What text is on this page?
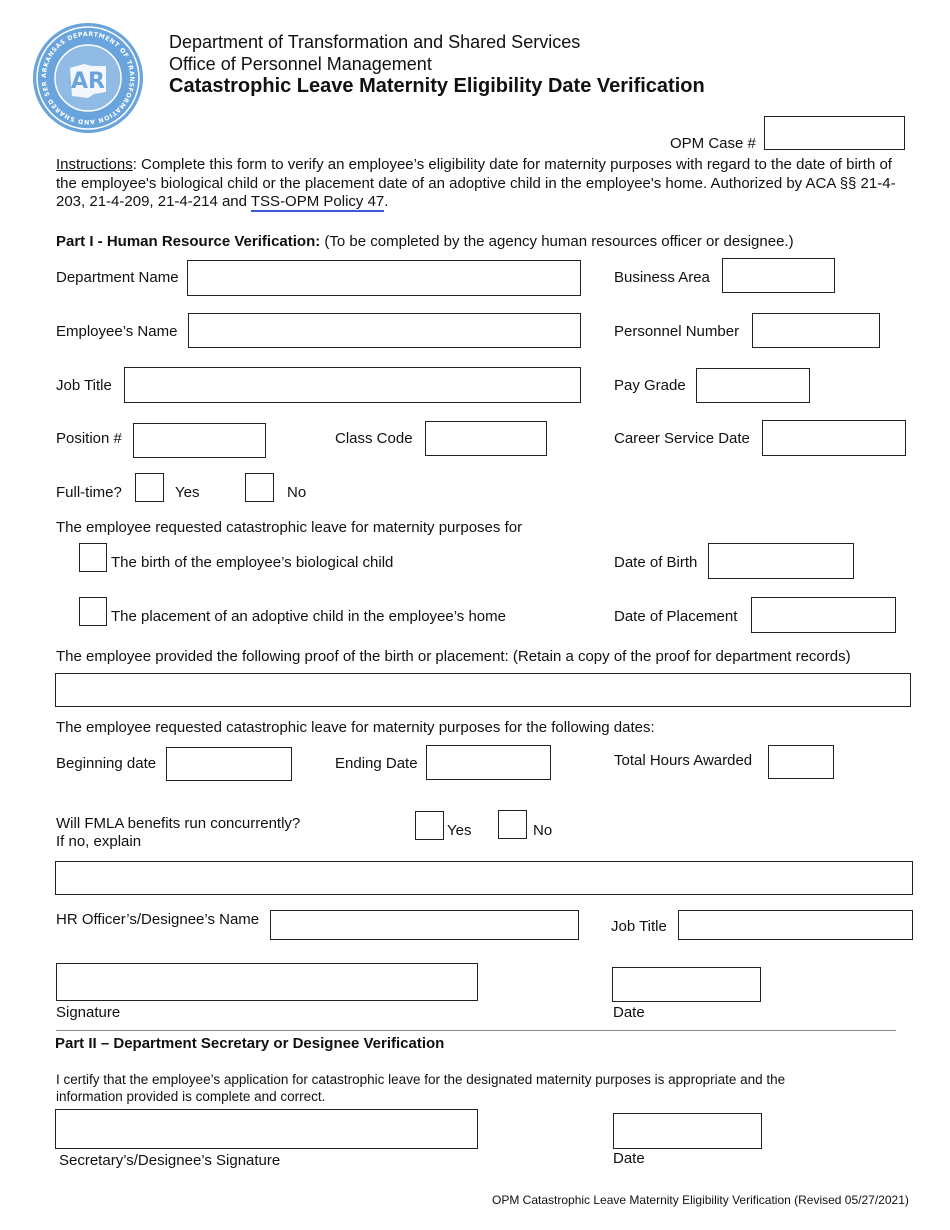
ARKANSAS DEPARTMENT OF TRANSFORMATION AND SHARED SER	AR
Department of Transformation and Shared Services
Office of Personnel Management
Catastrophic Leave Maternity Eligibility Date Verification
OPM Case #
Instructions: Complete this form to verify an employee’s eligibility date for maternity purposes with regard to the date of birth of the employee's biological child or the placement date of an adoptive child in the employee's home. Authorized by ACA §§ 21-4-203, 21-4-209, 21-4-214 and TSS-OPM Policy 47.
Part I - Human Resource Verification: (To be completed by the agency human resources officer or designee.)
Department Name	Business Area
Employee’s Name	Personnel Number
Job Title	Pay Grade
Position #	Class Code	Career Service Date
Full-time?	Yes	No
The employee requested catastrophic leave for maternity purposes for
The birth of the employee’s biological child	Date of Birth
The placement of an adoptive child in the employee’s home	Date of Placement
The employee provided the following proof of the birth or placement: (Retain a copy of the proof for department records)
The employee requested catastrophic leave for maternity purposes for the following dates:
Beginning date	Ending Date	Total Hours Awarded
Will FMLA benefits run concurrently?
If no, explain
Yes	No
HR Officer’s/Designee’s Name	Job Title
Signature	Date
Part II – Department Secretary or Designee Verification
I certify that the employee’s application for catastrophic leave for the designated maternity purposes is appropriate and the
information provided is complete and correct.
Secretary’s/Designee’s Signature	Date
OPM Catastrophic Leave Maternity Eligibility Verification (Revised 05/27/2021)
